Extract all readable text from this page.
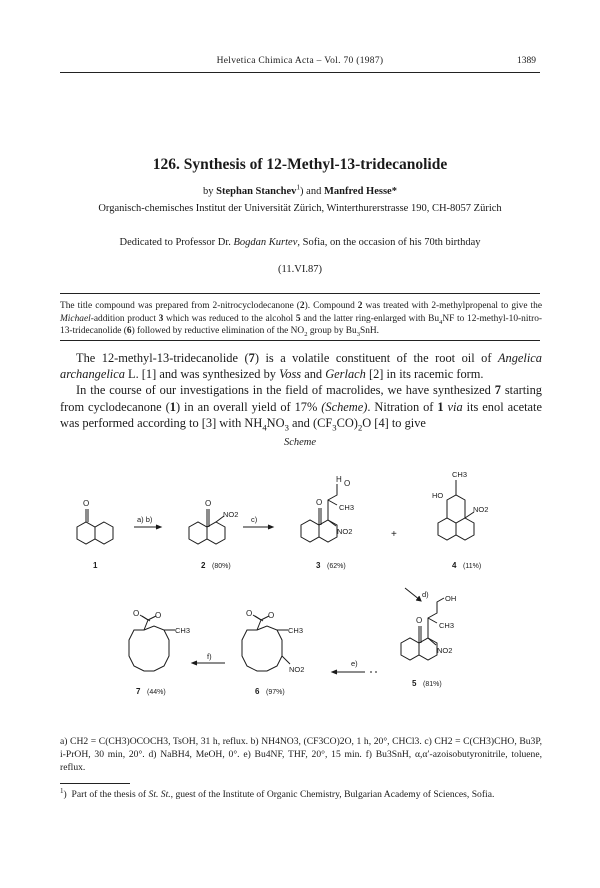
Helvetica Chimica Acta – Vol. 70 (1987)	1389
126. Synthesis of 12-Methyl-13-tridecanolide
by Stephan Stanchev$^1$) and Manfred Hesse*
Organisch-chemisches Institut der Universität Zürich, Winterthurerstrasse 190, CH-8057 Zürich
Dedicated to Professor Dr. Bogdan Kurtev, Sofia, on the occasion of his 70th birthday
(11.VI.87)
The title compound was prepared from 2-nitrocyclodecanone (2). Compound 2 was treated with 2-methylpropenal to give the Michael-addition product 3 which was reduced to the alcohol 5 and the latter ring-enlarged with $Bu_4NF$ to 12-methyl-10-nitro-13-tridecanolide (6) followed by reductive elimination of the $NO_2$ group by $Bu_3SnH$.

The 12-methyl-13-tridecanolide (7) is a volatile constituent of the root oil of Angelica archangelica L. [1] and was synthesized by Voss and Gerlach [2] in its racemic form.

In the course of our investigations in the field of macrolides, we have synthesized 7 starting from cyclodecanone (1) in an overall yield of 17% (Scheme). Nitration of 1 via its enol acetate was performed according to [3] with $NH_4NO_3$ and $(CF_3CO)_2O$ [4] to give

Scheme
O
1
a) b)
O
NO2
2 (80%)
c)
O
H O
CH3
NO2
3 (62%)
+
HO
CH3
NO2
4 (11%)
d)
O
OH
CH3
NO2
5 (81%)
e)
O O
CH3
NO2
6 (97%)
f)
O O
CH3
7 (44%)
a) CH2 = C(CH3)OCOCH3, TsOH, 31 h, reflux. b) NH4NO3, (CF3CO)2O, 1 h, 20°, CHCl3. c) CH2 = C(CH3)CHO, Bu3P, i-PrOH, 30 min, 20°. d) NaBH4, MeOH, 0°. e) Bu4NF, THF, 20°, 15 min. f) Bu3SnH, α,α′-azoisobutyronitrile, toluene, reflux.
$^1$)  Part of the thesis of St. St., guest of the Institute of Organic Chemistry, Bulgarian Academy of Sciences, Sofia.
